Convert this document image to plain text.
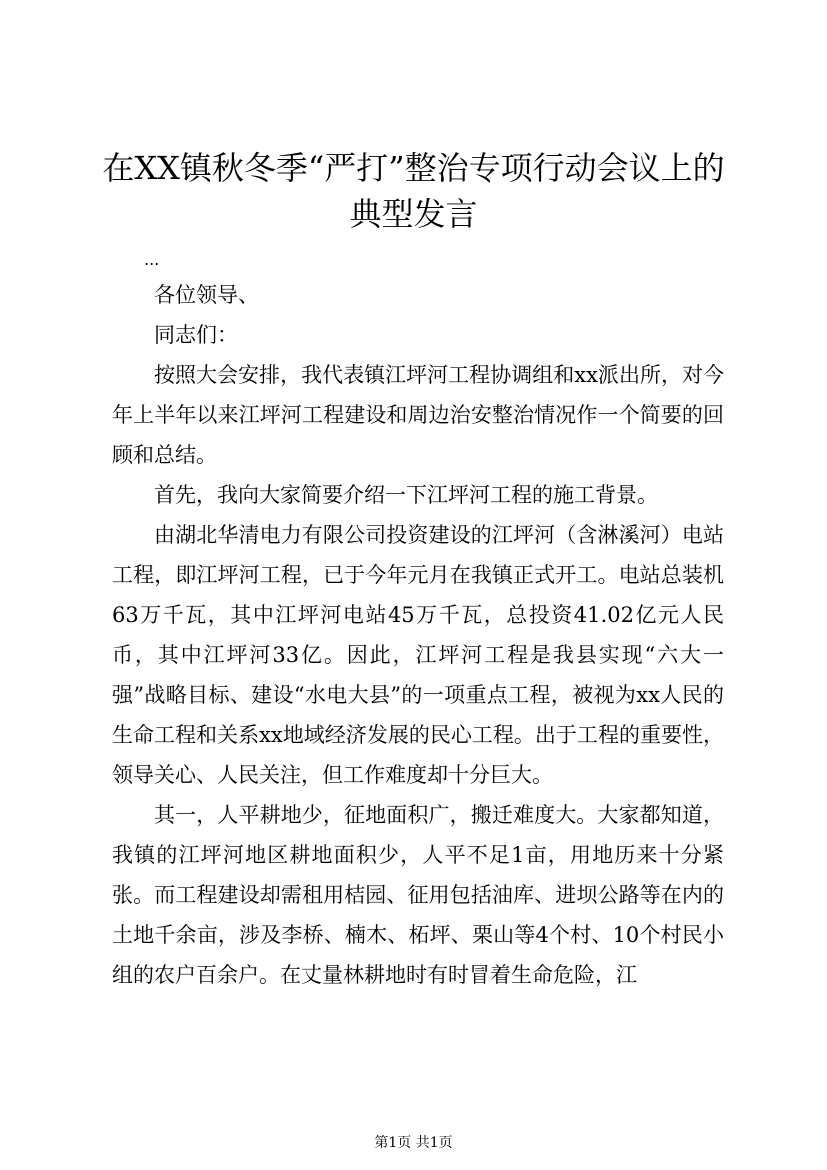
在XX镇秋冬季“严打”整治专项行动会议上的典型发言

...

各位领导、

同志们：

按照大会安排，我代表镇江坪河工程协调组和xx派出所，对今年上半年以来江坪河工程建设和周边治安整治情况作一个简要的回顾和总结。

首先，我向大家简要介绍一下江坪河工程的施工背景。

由湖北华清电力有限公司投资建设的江坪河（含淋溪河）电站工程，即江坪河工程，已于今年元月在我镇正式开工。电站总装机63万千瓦，其中江坪河电站45万千瓦，总投资41.02亿元人民币，其中江坪河33亿。因此，江坪河工程是我县实现“六大一强”战略目标、建设“水电大县”的一项重点工程，被视为xx人民的生命工程和关系xx地域经济发展的民心工程。出于工程的重要性，领导关心、人民关注，但工作难度却十分巨大。

其一，人平耕地少，征地面积广，搬迁难度大。大家都知道，我镇的江坪河地区耕地面积少，人平不足1亩，用地历来十分紧张。而工程建设却需租用桔园、征用包括油库、进坝公路等在内的土地千余亩，涉及李桥、楠木、柘坪、栗山等4个村、10个村民小组的农户百余户。在丈量林耕地时有时冒着生命危险，江

第1页 共1页
